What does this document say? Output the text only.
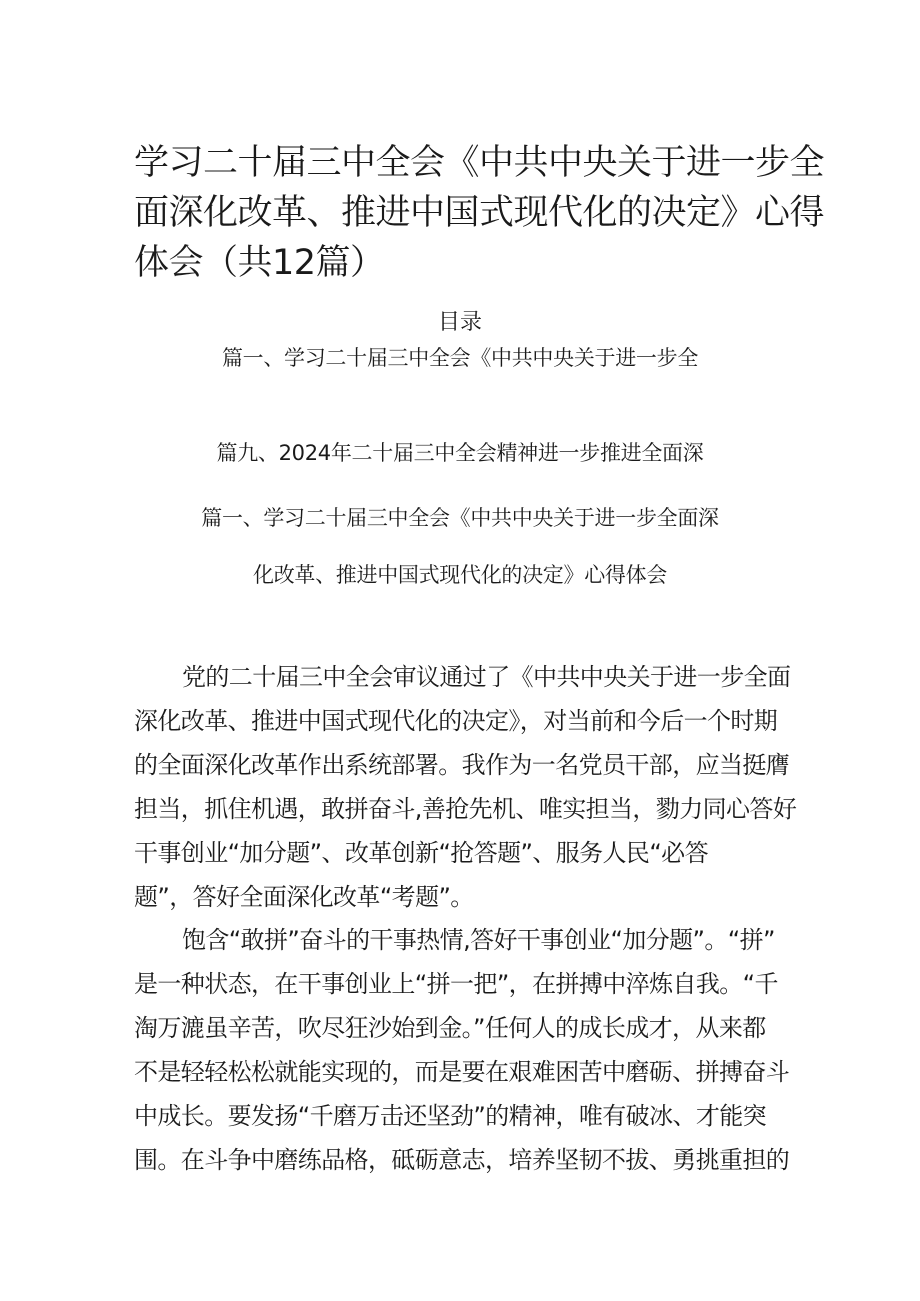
学习二十届三中全会《中共中央关于进一步全
面深化改革、推进中国式现代化的决定》心得
体会（共12篇）
目录
篇一、学习二十届三中全会《中共中央关于进一步全
篇九、2024年二十届三中全会精神进一步推进全面深
篇一、学习二十届三中全会《中共中央关于进一步全面深
化改革、推进中国式现代化的决定》心得体会
党的二十届三中全会审议通过了《中共中央关于进一步全面
深化改革、推进中国式现代化的决定》，对当前和今后一个时期
的全面深化改革作出系统部署。我作为一名党员干部，应当挺膺
担当，抓住机遇，敢拼奋斗,善抢先机、唯实担当，勠力同心答好
干事创业“加分题”、改革创新“抢答题”、服务人民“必答
题”，答好全面深化改革“考题”。
饱含“敢拼”奋斗的干事热情,答好干事创业“加分题”。“拼”
是一种状态，在干事创业上“拼一把”，在拼搏中淬炼自我。“千
淘万漉虽辛苦，吹尽狂沙始到金。”任何人的成长成才，从来都
不是轻轻松松就能实现的，而是要在艰难困苦中磨砺、拼搏奋斗
中成长。要发扬“千磨万击还坚劲”的精神，唯有破冰、才能突
围。在斗争中磨练品格，砥砺意志，培养坚韧不拔、勇挑重担的
